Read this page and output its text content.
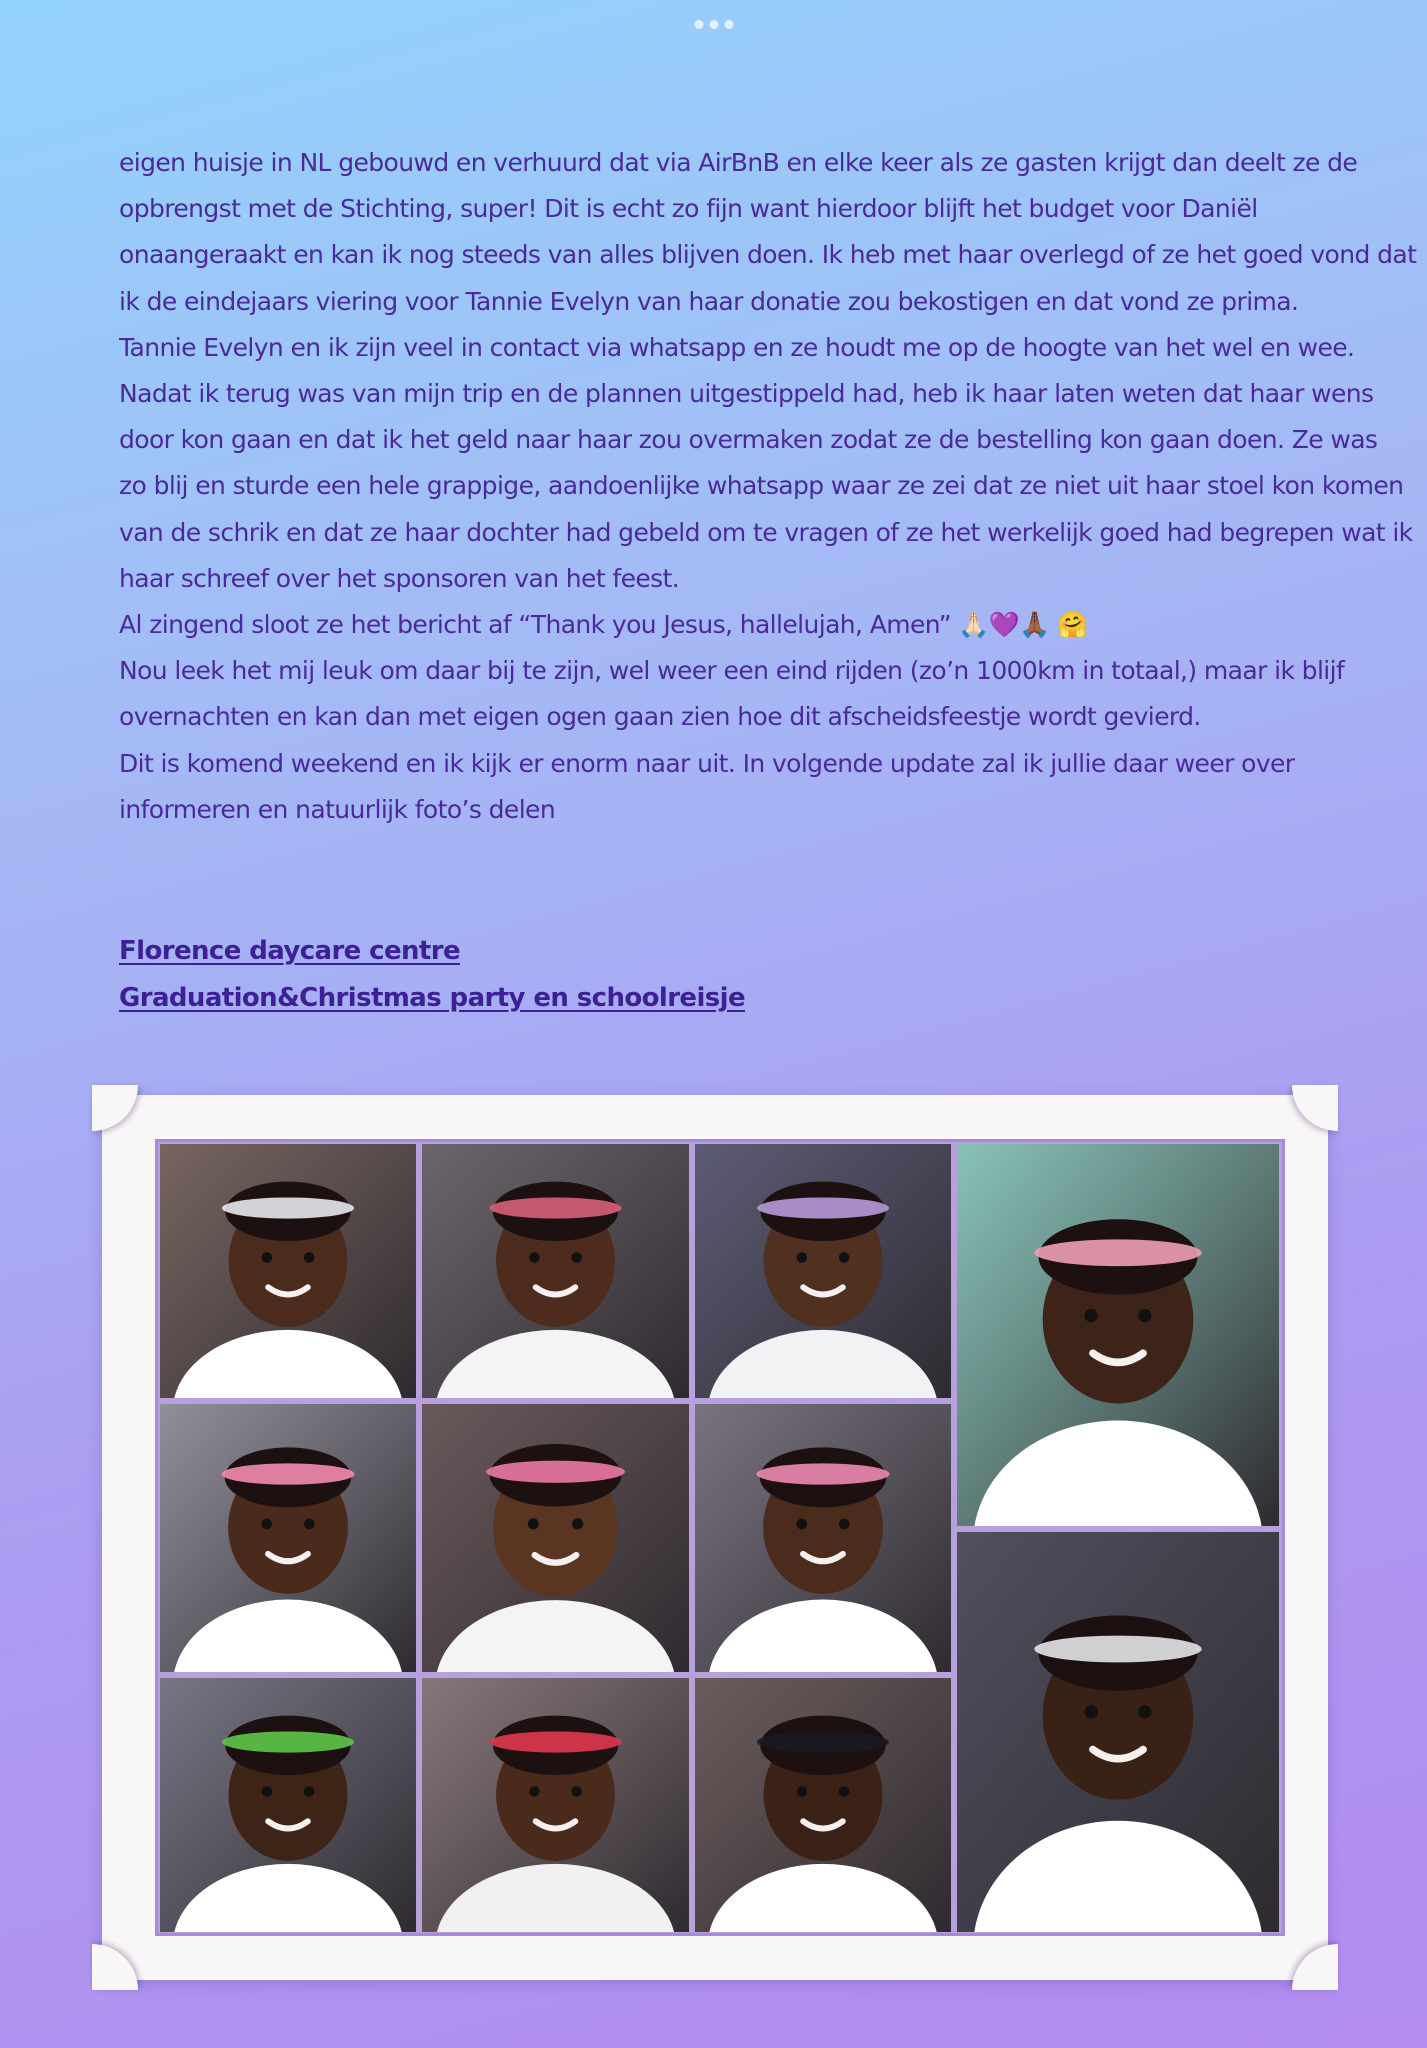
eigen huisje in NL gebouwd en verhuurd dat via AirBnB en elke keer als ze gasten krijgt dan deelt ze de

opbrengst met de Stichting, super! Dit is echt zo fijn want hierdoor blijft het budget voor Daniël

onaangeraakt en kan ik nog steeds van alles blijven doen. Ik heb met haar overlegd of ze het goed vond dat

ik de eindejaars viering voor Tannie Evelyn van haar donatie zou bekostigen en dat vond ze prima.

Tannie Evelyn en ik zijn veel in contact via whatsapp en ze houdt me op de hoogte van het wel en wee.

Nadat ik terug was van mijn trip en de plannen uitgestippeld had, heb ik haar laten weten dat haar wens

door kon gaan en dat ik het geld naar haar zou overmaken zodat ze de bestelling kon gaan doen. Ze was

zo blij en sturde een hele grappige, aandoenlijke whatsapp waar ze zei dat ze niet uit haar stoel kon komen

van de schrik en dat ze haar dochter had gebeld om te vragen of ze het werkelijk goed had begrepen wat ik

haar schreef over het sponsoren van het feest.

Al zingend sloot ze het bericht af “Thank you Jesus, hallelujah, Amen” 🙏🏻💜🙏🏾 🤗

Nou leek het mij leuk om daar bij te zijn, wel weer een eind rijden (zo’n 1000km in totaal,) maar ik blijf

overnachten en kan dan met eigen ogen gaan zien hoe dit afscheidsfeestje wordt gevierd.

Dit is komend weekend en ik kijk er enorm naar uit. In volgende update zal ik jullie daar weer over

informeren en natuurlijk foto’s delen

Florence daycare centre
Graduation&Christmas party en schoolreisje
